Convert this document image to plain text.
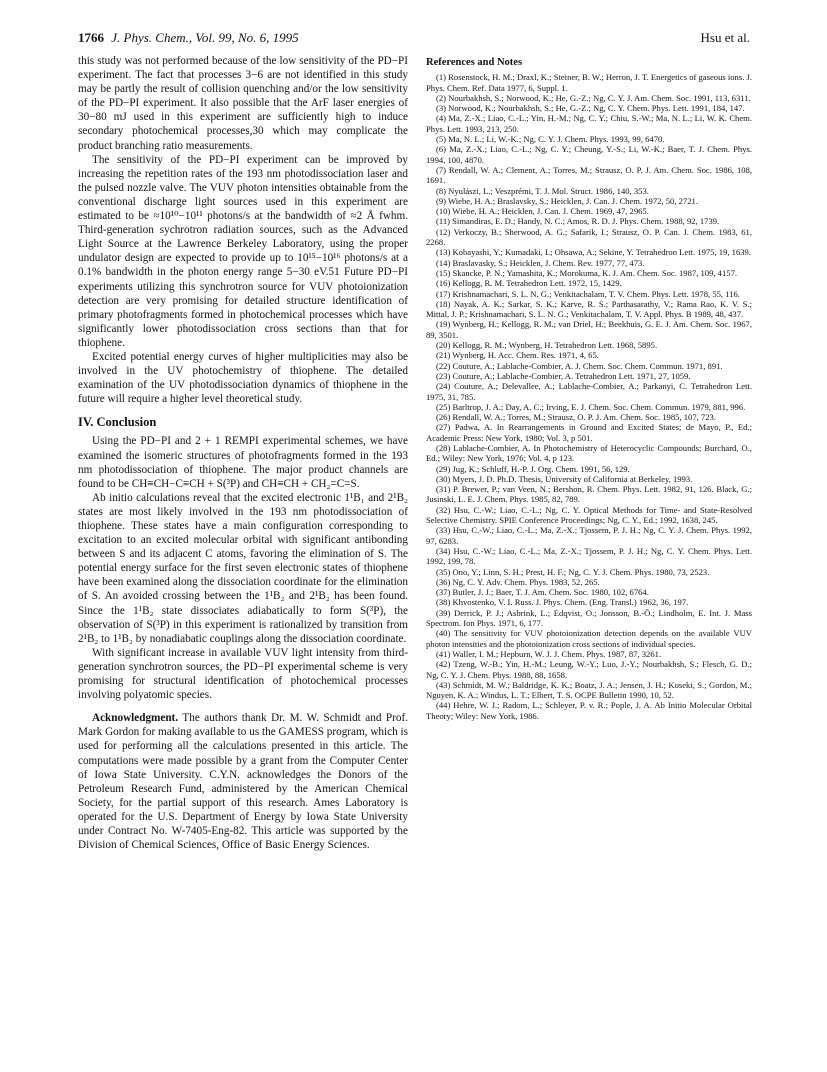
1766 J. Phys. Chem., Vol. 99, No. 6, 1995	Hsu et al.

this study was not performed because of the low sensitivity of the PD−PI experiment. The fact that processes 3−6 are not identified in this study may be partly the result of collision quenching and/or the low sensitivity of the PD−PI experiment. It also possible that the ArF laser energies of 30−80 mJ used in this experiment are sufficiently high to induce secondary photochemical processes,30 which may complicate the product branching ratio measurements.

The sensitivity of the PD−PI experiment can be improved by increasing the repetition rates of the 193 nm photodissociation laser and the pulsed nozzle valve. The VUV photon intensities obtainable from the conventional discharge light sources used in this experiment are estimated to be ≈10¹⁰−10¹¹ photons/s at the bandwidth of ≈2 Å fwhm. Third-generation sychrotron radiation sources, such as the Advanced Light Source at the Lawrence Berkeley Laboratory, using the proper undulator design are expected to provide up to 10¹⁵−10¹⁶ photons/s at a 0.1% bandwidth in the photon energy range 5−30 eV.51 Future PD−PI experiments utilizing this synchrotron source for VUV photoionization detection are very promising for detailed structure identification of primary photofragments formed in photochemical processes which have significantly lower photodissociation cross sections than that for thiophene.

Excited potential energy curves of higher multiplicities may also be involved in the UV photochemistry of thiophene. The detailed examination of the UV photodissociation dynamics of thiophene in the future will require a higher level theoretical study.

IV. Conclusion

Using the PD−PI and 2 + 1 REMPI experimental schemes, we have examined the isomeric structures of photofragments formed in the 193 nm photodissociation of thiophene. The major product channels are found to be CH≡CH−C≡CH + S(³P) and CH≡CH + CH₂=C=S.

Ab initio calculations reveal that the excited electronic 1¹B₁ and 2¹B₂ states are most likely involved in the 193 nm photodissociation of thiophene. These states have a main configuration corresponding to excitation to an excited molecular orbital with significant antibonding between S and its adjacent C atoms, favoring the elimination of S. The potential energy surface for the first seven electronic states of thiophene have been examined along the dissociation coordinate for the elimination of S. An avoided crossing between the 1¹B₂ and 2¹B₂ has been found. Since the 1¹B₂ state dissociates adiabatically to form S(³P), the observation of S(³P) in this experiment is rationalized by transition from 2¹B₂ to 1¹B₂ by nonadiabatic couplings along the dissociation coordinate.

With significant increase in available VUV light intensity from third-generation synchrotron sources, the PD−PI experimental scheme is very promising for structural identification of photochemical processes involving polyatomic species.

Acknowledgment. The authors thank Dr. M. W. Schmidt and Prof. Mark Gordon for making available to us the GAMESS program, which is used for performing all the calculations presented in this article. The computations were made possible by a grant from the Computer Center of Iowa State University. C.Y.N. acknowledges the Donors of the Petroleum Research Fund, administered by the American Chemical Society, for the partial support of this research. Ames Laboratory is operated for the U.S. Department of Energy by Iowa State University under Contract No. W-7405-Eng-82. This article was supported by the Division of Chemical Sciences, Office of Basic Energy Sciences.

References and Notes
(1) Rosenstock, H. M.; Draxl, K.; Steiner, B. W.; Herron, J. T. Energetics of gaseous ions. J. Phys. Chem. Ref. Data 1977, 6, Suppl. 1.
(2) Nourbakhsh, S.; Norwood, K.; He, G.-Z.; Ng, C. Y. J. Am. Chem. Soc. 1991, 113, 6311.
(3) Norwood, K.; Nourbakhsh, S.; He, G.-Z.; Ng, C. Y. Chem. Phys. Lett. 1991, 184, 147.
(4) Ma, Z.-X.; Liao, C.-L.; Yin, H.-M.; Ng, C. Y.; Chiu, S.-W.; Ma, N. L.; Li, W. K. Chem. Phys. Lett. 1993, 213, 250.
(5) Ma, N. L.; Li, W.-K.; Ng, C. Y. J. Chem. Phys. 1993, 99, 6470.
(6) Ma, Z.-X.; Liao, C.-L.; Ng, C. Y.; Cheung, Y.-S.; Li, W.-K.; Baer, T. J. Chem. Phys. 1994, 100, 4870.
(7) Rendall, W. A.; Clement, A.; Torres, M.; Strausz, O. P. J. Am. Chem. Soc. 1986, 108, 1691.
(8) Nyulászi, L.; Veszprémi, T. J. Mol. Struct. 1986, 140, 353.
(9) Wiebe, H. A.; Braslavsky, S.; Heicklen, J. Can. J. Chem. 1972, 50, 2721.
(10) Wiebe, H. A.; Heicklen, J. Can. J. Chem. 1969, 47, 2965.
(11) Simandiras, E. D.; Handy, N. C.; Amos, R. D. J. Phys. Chem. 1988, 92, 1739.
(12) Verkoczy, B.; Sherwood, A. G.; Safarik, I.; Strausz, O. P. Can. J. Chem. 1983, 61, 2268.
(13) Kobayashi, Y.; Kumadaki, I.; Ohsawa, A.; Sekine, Y. Tetrahedron Lett. 1975, 19, 1639.
(14) Braslavasky, S.; Heicklen, J. Chem. Rev. 1977, 77, 473.
(15) Skancke, P. N.; Yamashita, K.; Morokuma, K. J. Am. Chem. Soc. 1987, 109, 4157.
(16) Kellogg, R. M. Tetrahedron Lett. 1972, 15, 1429.
(17) Krishnamachari, S. L. N. G.; Venkitachalam, T. V. Chem. Phys. Lett. 1978, 55, 116.
(18) Nayak, A. K.; Sarkar, S. K.; Karve, R. S.; Parthasarathy, V.; Rama Rao, K. V. S.; Mittal, J. P.; Krishnamachari, S. L. N. G.; Venkitachalam, T. V. Appl. Phys. B 1989, 48, 437.
(19) Wynberg, H.; Kellogg, R. M.; van Driel, H.; Beekhuis, G. E. J. Am. Chem. Soc. 1967, 89, 3501.
(20) Kellogg, R. M.; Wynberg, H. Tetrahedron Lett. 1968, 5895.
(21) Wynberg, H. Acc. Chem. Res. 1971, 4, 65.
(22) Couture, A.; Lablache-Combier, A. J. Chem. Soc. Chem. Commun. 1971, 891.
(23) Couture, A.; Lablache-Combier, A. Tetrahedron Lett. 1971, 27, 1059.
(24) Couture, A.; Delevallee, A.; Lablache-Combier, A.; Parkanyi, C. Tetrahedron Lett. 1975, 31, 785.
(25) Barltrop, J. A.; Day, A. C.; Irving, E. J. Chem. Soc. Chem. Commun. 1979, 881, 996.
(26) Rendall, W. A.; Torres, M.; Strausz, O. P. J. Am. Chem. Soc. 1985, 107, 723.
(27) Padwa, A. In Rearrangements in Ground and Excited States; de Mayo, P., Ed.; Academic Press: New York, 1980; Vol. 3, p 501.
(28) Lablache-Combier, A. In Photochemistry of Heterocyclic Compounds; Burchard, O., Ed.; Wiley: New York, 1976; Vol. 4, p 123.
(29) Jug, K.; Schluff, H.-P. J. Org. Chem. 1991, 56, 129.
(30) Myers, J. D. Ph.D. Thesis, University of California at Berkeley, 1993.
(31) P. Brewer, P.; van Veen, N.; Bershon, R. Chem. Phys. Lett. 1982, 91, 126. Black, G.; Jusinski, L. E. J. Chem. Phys. 1985, 82, 789.
(32) Hsu, C.-W.; Liao, C.-L.; Ng, C. Y. Optical Methods for Time- and State-Resolved Selective Chemistry. SPIE Conference Proceedings; Ng, C. Y., Ed.; 1992, 1638, 245.
(33) Hsu, C.-W.; Liao, C.-L.; Ma, Z.-X.; Tjossem, P. J. H.; Ng, C. Y. J. Chem. Phys. 1992, 97, 6283.
(34) Hsu, C.-W.; Liao, C.-L.; Ma, Z.-X.; Tjossem, P. J. H.; Ng, C. Y. Chem. Phys. Lett. 1992, 199, 78.
(35) Ono, Y.; Linn, S. H.; Prest, H. F.; Ng, C. Y. J. Chem. Phys. 1980, 73, 2523.
(36) Ng, C. Y. Adv. Chem. Phys. 1983, 52, 265.
(37) Butler, J. J.; Baer, T. J. Am. Chem. Soc. 1980, 102, 6764.
(38) Khvostenko, V. I. Russ. J. Phys. Chem. (Eng. Transl.) 1962, 36, 197.
(39) Derrick, P. J.; Asbrink, L.; Edqvist, O.; Jonsson, B.-Ö.; Lindholm, E. Int. J. Mass Spectrom. Ion Phys. 1971, 6, 177.
(40) The sensitivity for VUV photoionization detection depends on the available VUV photon intensities and the photoionization cross sections of individual species.
(41) Waller, I. M.; Hepburn, W. J. J. Chem. Phys. 1987, 87, 3261.
(42) Tzeng, W.-B.; Yin, H.-M.; Leung, W.-Y.; Luo, J.-Y.; Nourbakhsh, S.; Flesch, G. D.; Ng, C. Y. J. Chem. Phys. 1988, 88, 1658.
(43) Schmidt, M. W.; Baldridge, K. K.; Boatz, J. A.; Jensen, J. H.; Koseki, S.; Gordon, M.; Nguyen, K. A.; Windus, L. T.; Elbert, T. S. OCPE Bulletin 1990, 10, 52.
(44) Hehre, W. J.; Radom, L.; Schleyer, P. v. R.; Pople, J. A. Ab Initio Molecular Orbital Theory; Wiley: New York, 1986.
